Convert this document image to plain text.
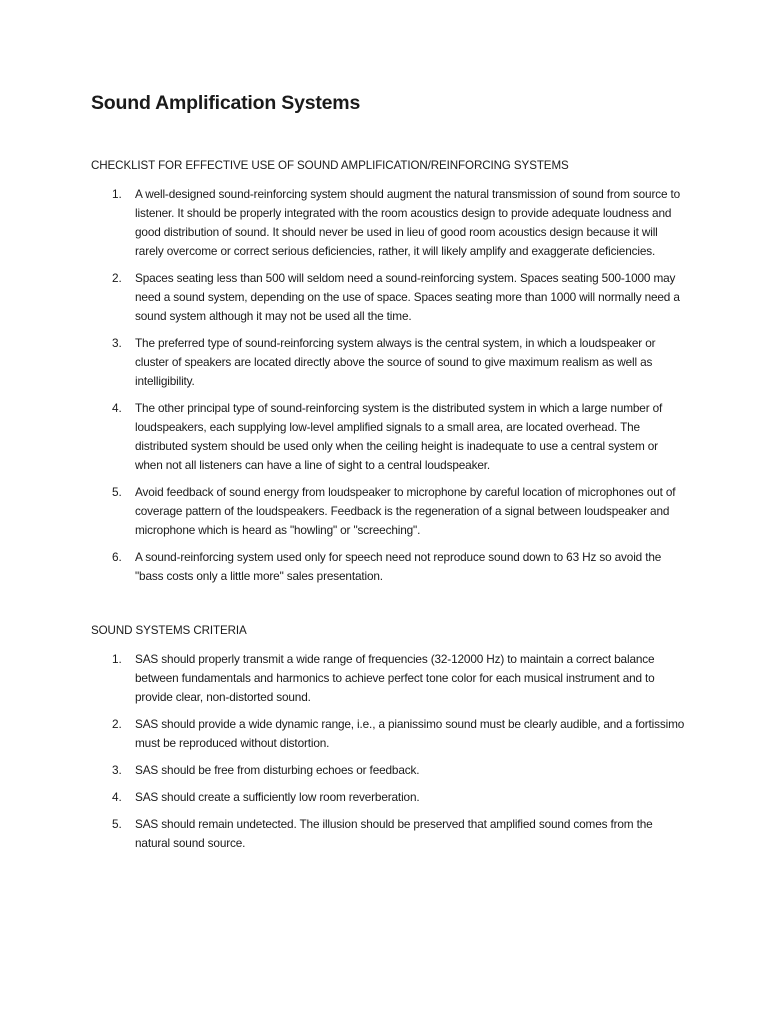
Sound Amplification Systems
CHECKLIST FOR EFFECTIVE USE OF SOUND AMPLIFICATION/REINFORCING SYSTEMS
1.	A well-designed sound-reinforcing system should augment the natural transmission of sound from source to listener. It should be properly integrated with the room acoustics design to provide adequate loudness and good distribution of sound. It should never be used in lieu of good room acoustics design because it will rarely overcome or correct serious deficiencies, rather, it will likely amplify and exaggerate deficiencies.
2.	Spaces seating less than 500 will seldom need a sound-reinforcing system. Spaces seating 500-1000 may need a sound system, depending on the use of space. Spaces seating more than 1000 will normally need a sound system although it may not be used all the time.
3.	The preferred type of sound-reinforcing system always is the central system, in which a loudspeaker or cluster of speakers are located directly above the source of sound to give maximum realism as well as intelligibility.
4.	The other principal type of sound-reinforcing system is the distributed system in which a large number of loudspeakers, each supplying low-level amplified signals to a small area, are located overhead. The distributed system should be used only when the ceiling height is inadequate to use a central system or when not all listeners can have a line of sight to a central loudspeaker.
5.	Avoid feedback of sound energy from loudspeaker to microphone by careful location of microphones out of coverage pattern of the loudspeakers. Feedback is the regeneration of a signal between loudspeaker and microphone which is heard as "howling" or "screeching".
6.	A sound-reinforcing system used only for speech need not reproduce sound down to 63 Hz so avoid the "bass costs only a little more" sales presentation.
SOUND SYSTEMS CRITERIA
1.	SAS should properly transmit a wide range of frequencies (32-12000 Hz) to maintain a correct balance between fundamentals and harmonics to achieve perfect tone color for each musical instrument and to provide clear, non-distorted sound.
2.	SAS should provide a wide dynamic range, i.e., a pianissimo sound must be clearly audible, and a fortissimo must be reproduced without distortion.
3.	SAS should be free from disturbing echoes or feedback.
4.	SAS should create a sufficiently low room reverberation.
5.	SAS should remain undetected. The illusion should be preserved that amplified sound comes from the natural sound source.
